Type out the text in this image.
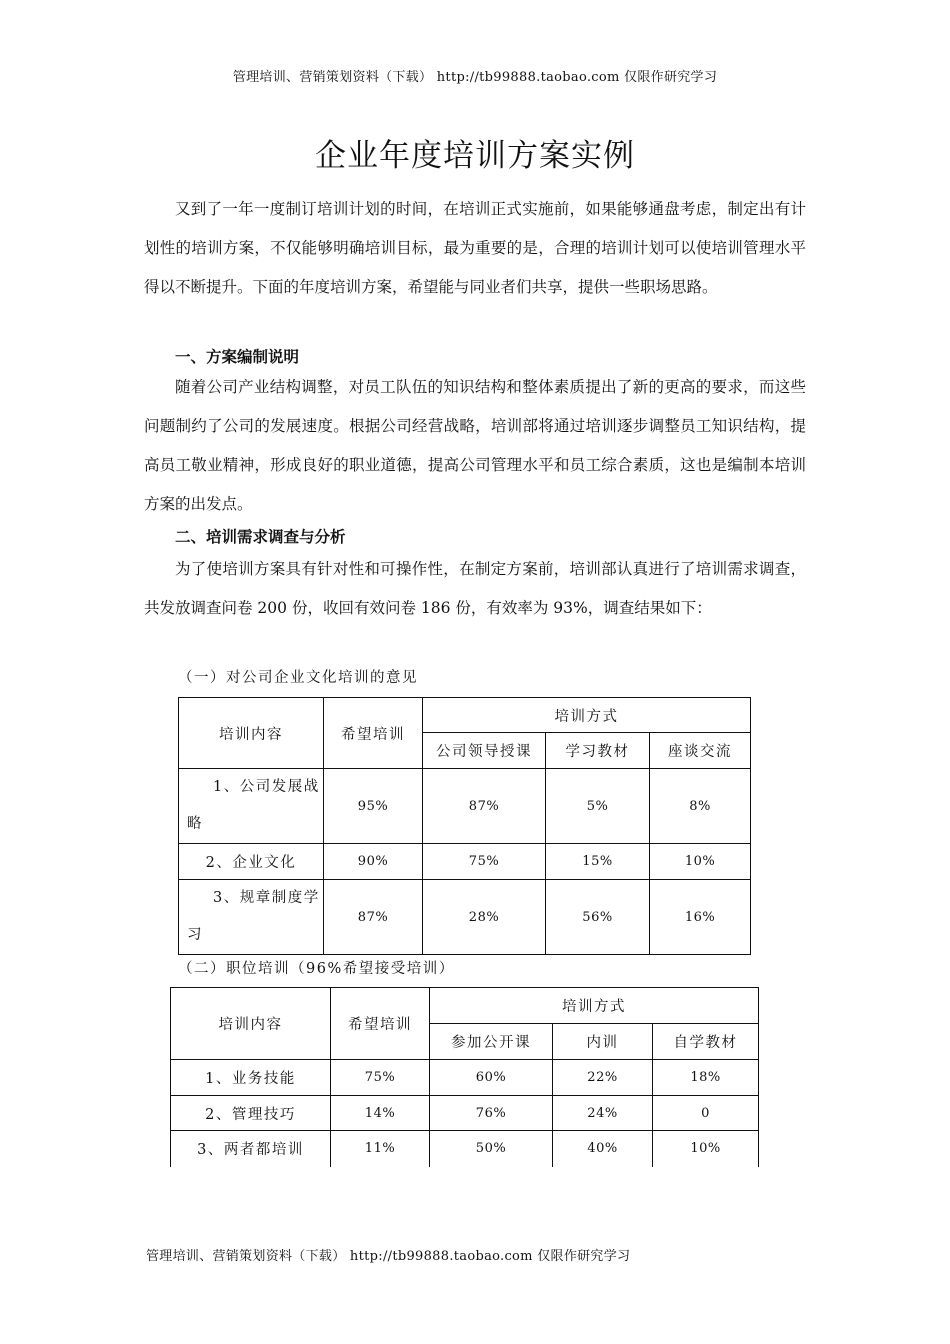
管理培训、营销策划资料（下载） http://tb99888.taobao.com 仅限作研究学习
企业年度培训方案实例

又到了一年一度制订培训计划的时间，在培训正式实施前，如果能够通盘考虑，制定出有计划性的培训方案，不仅能够明确培训目标，最为重要的是，合理的培训计划可以使培训管理水平得以不断提升。下面的年度培训方案，希望能与同业者们共享，提供一些职场思路。

一、方案编制说明

随着公司产业结构调整，对员工队伍的知识结构和整体素质提出了新的更高的要求，而这些问题制约了公司的发展速度。根据公司经营战略，培训部将通过培训逐步调整员工知识结构，提高员工敬业精神，形成良好的职业道德，提高公司管理水平和员工综合素质，这也是编制本培训方案的出发点。

二、培训需求调查与分析

为了使培训方案具有针对性和可操作性，在制定方案前，培训部认真进行了培训需求调查，共发放调查问卷 200 份，收回有效问卷 186 份，有效率为 93%，调查结果如下：

（一）对公司企业文化培训的意见
培训内容	希望培训	培训方式		
		公司领导授课	学习教材	座谈交流
1、公司发展战略	95%	87%	5%	8%
2、企业文化	90%	75%	15%	10%
3、规章制度学习	87%	28%	56%	16%
（二）职位培训（96%希望接受培训）
培训内容	希望培训	培训方式		
		参加公开课	内训	自学教材
1、业务技能	75%	60%	22%	18%
2、管理技巧	14%	76%	24%	0
3、两者都培训	11%	50%	40%	10%
管理培训、营销策划资料（下载） http://tb99888.taobao.com 仅限作研究学习
